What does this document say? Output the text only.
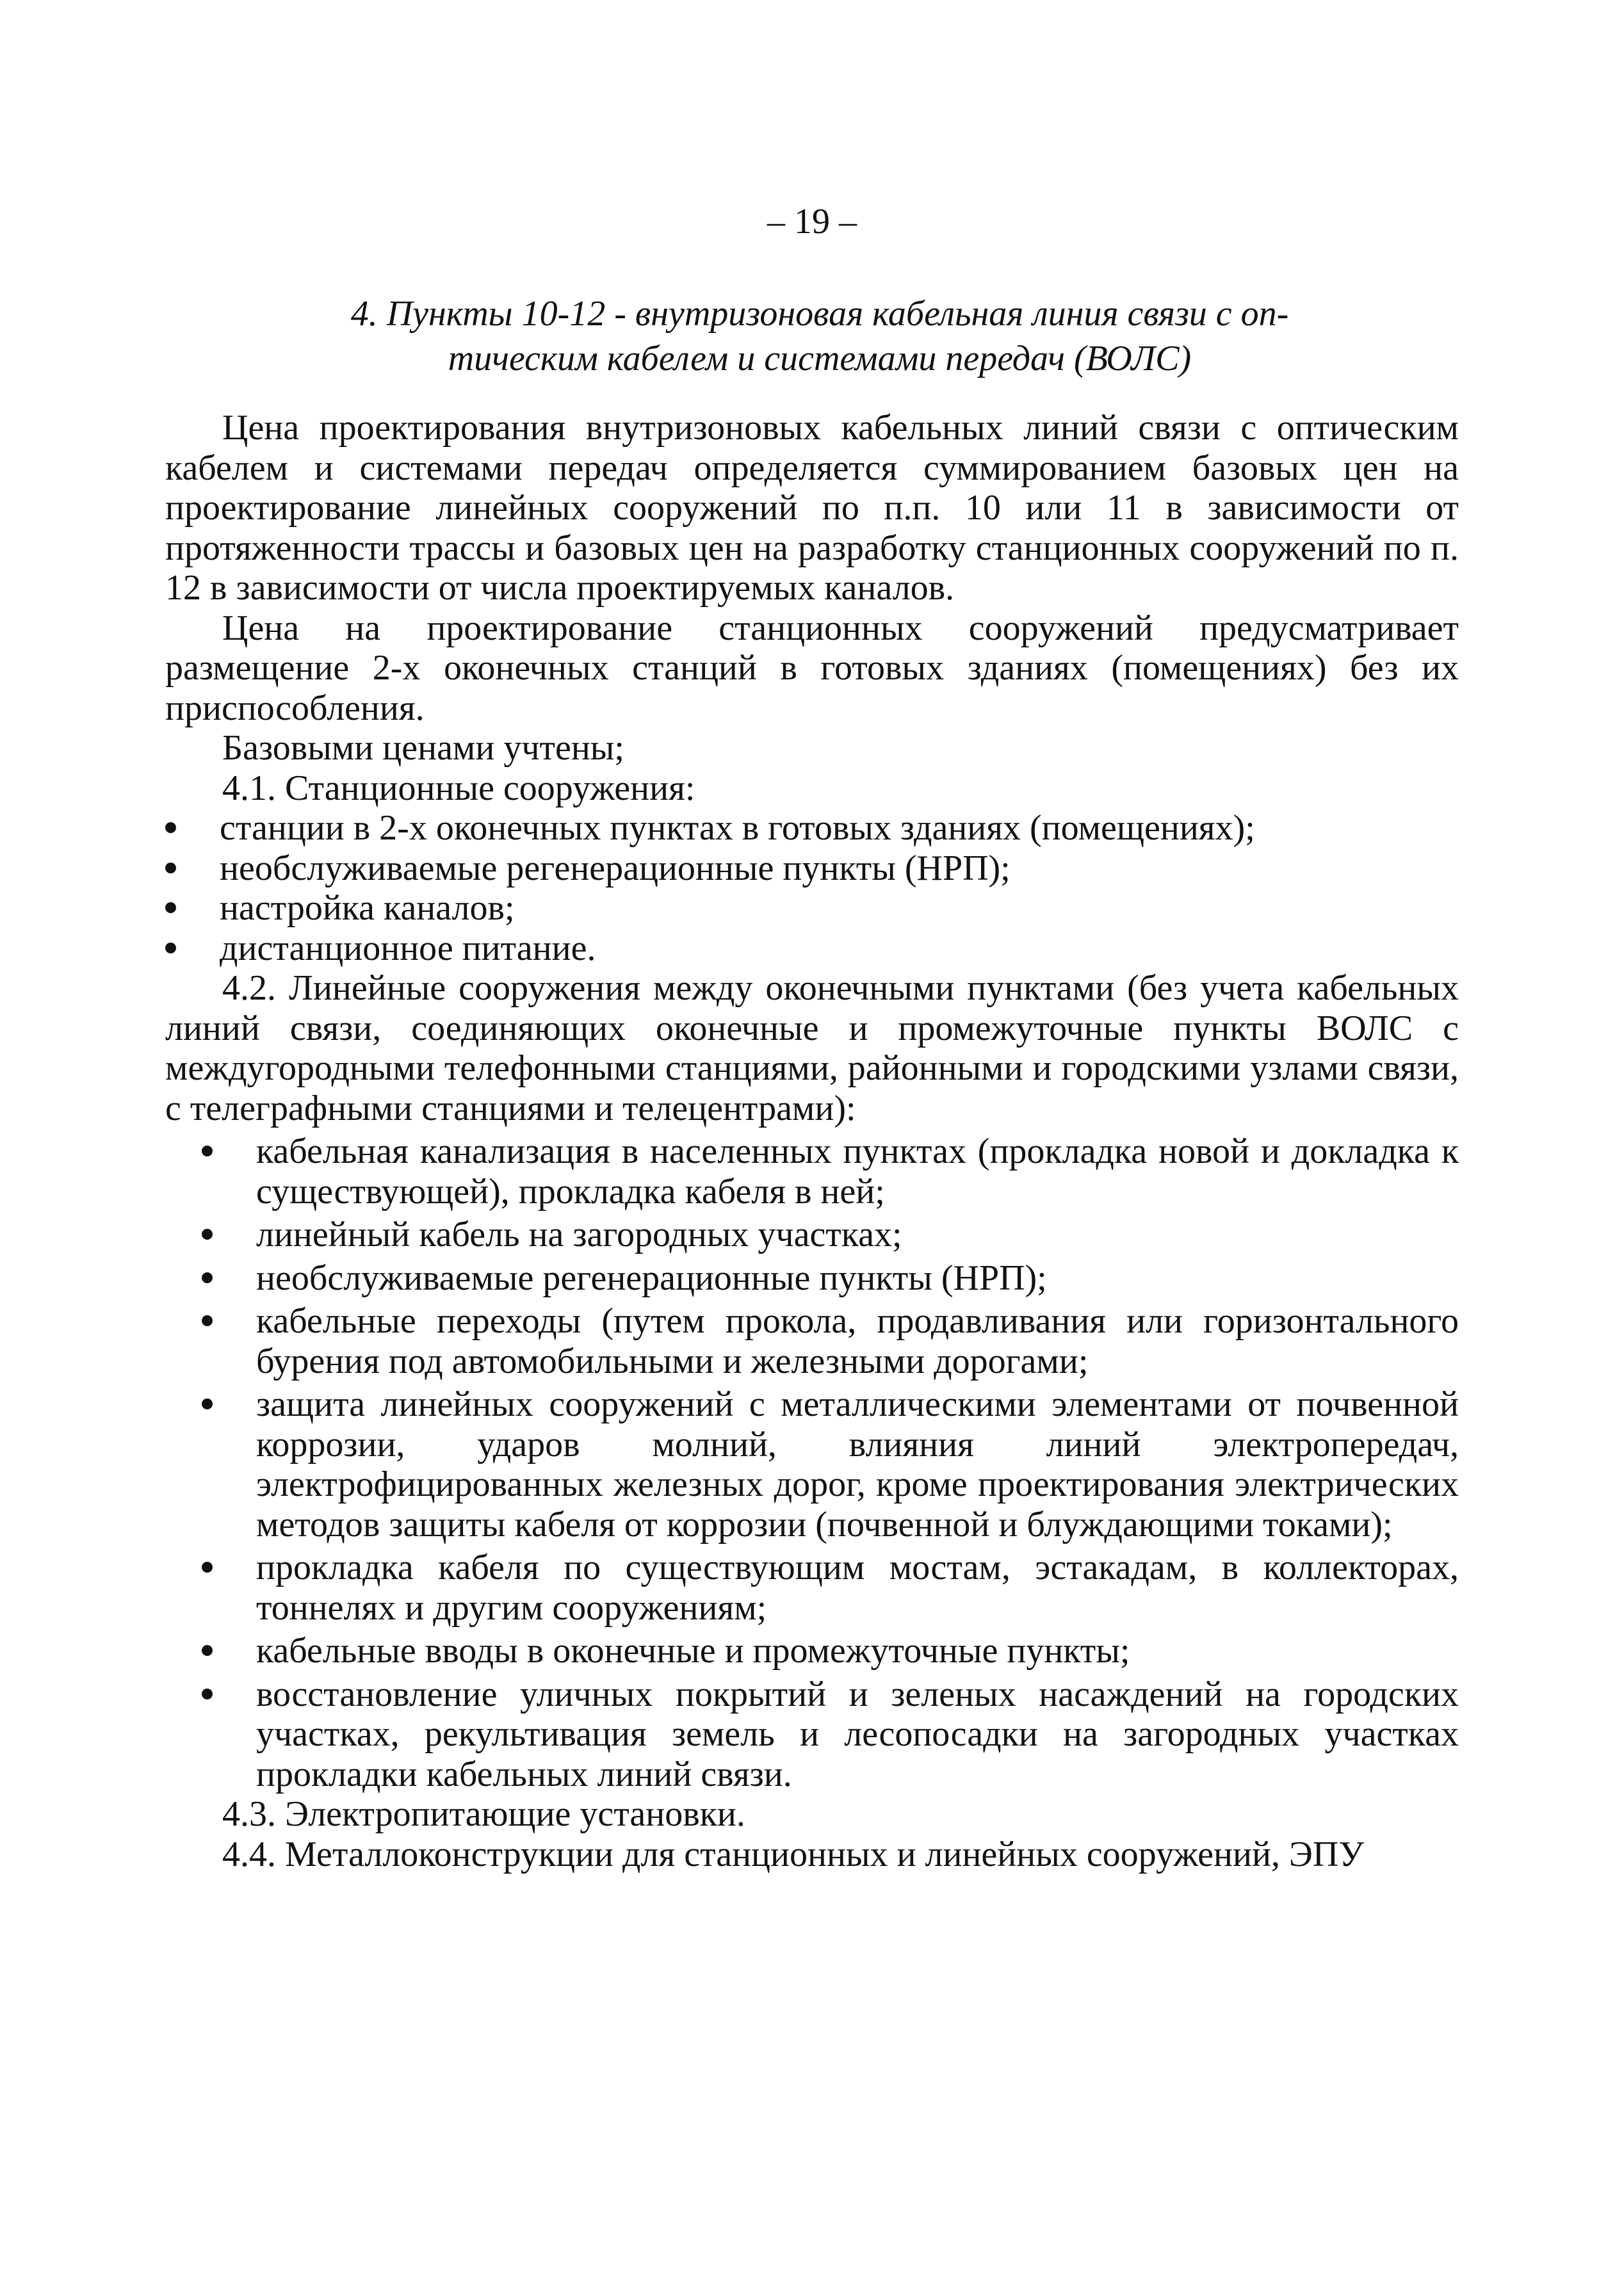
– 19 –
4. Пункты 10-12 - внутризоновая кабельная линия связи с оп-
тическим кабелем и системами передач (ВОЛС)

Цена проектирования внутризоновых кабельных линий связи с оптическим кабелем и системами передач определяется суммированием базовых цен на проектирование линейных сооружений по п.п. 10 или 11 в зависимости от протяженности трассы и базовых цен на разработку станционных сооружений по п. 12 в зависимости от числа проектируемых каналов.

Цена на проектирование станционных сооружений предусматривает размещение 2-х оконечных станций в готовых зданиях (помещениях) без их приспособления.

Базовыми ценами учтены;

4.1. Станционные сооружения:

станции в 2-х оконечных пунктах в готовых зданиях (помещениях);
необслуживаемые регенерационные пункты (НРП);
настройка каналов;
дистанционное питание.

4.2. Линейные сооружения между оконечными пунктами (без учета кабельных линий связи, соединяющих оконечные и промежуточные пункты ВОЛС с междугородными телефонными станциями, районными и городскими узлами связи, с телеграфными станциями и телецентрами):

кабельная канализация в населенных пунктах (прокладка новой и докладка к существующей), прокладка кабеля в ней;
линейный кабель на загородных участках;
необслуживаемые регенерационные пункты (НРП);
кабельные переходы (путем прокола, продавливания или горизонтального бурения под автомобильными и железными дорогами;
защита линейных сооружений с металлическими элементами от почвенной коррозии, ударов молний, влияния линий электропередач, электрофицированных железных дорог, кроме проектирования электрических методов защиты кабеля от коррозии (почвенной и блуждающими токами);
прокладка кабеля по существующим мостам, эстакадам, в коллекторах, тоннелях и другим сооружениям;
кабельные вводы в оконечные и промежуточные пункты;
восстановление уличных покрытий и зеленых насаждений на городских участках, рекультивация земель и лесопосадки на загородных участках прокладки кабельных линий связи.

4.3. Электропитающие установки.

4.4. Металлоконструкции для станционных и линейных сооружений, ЭПУ
